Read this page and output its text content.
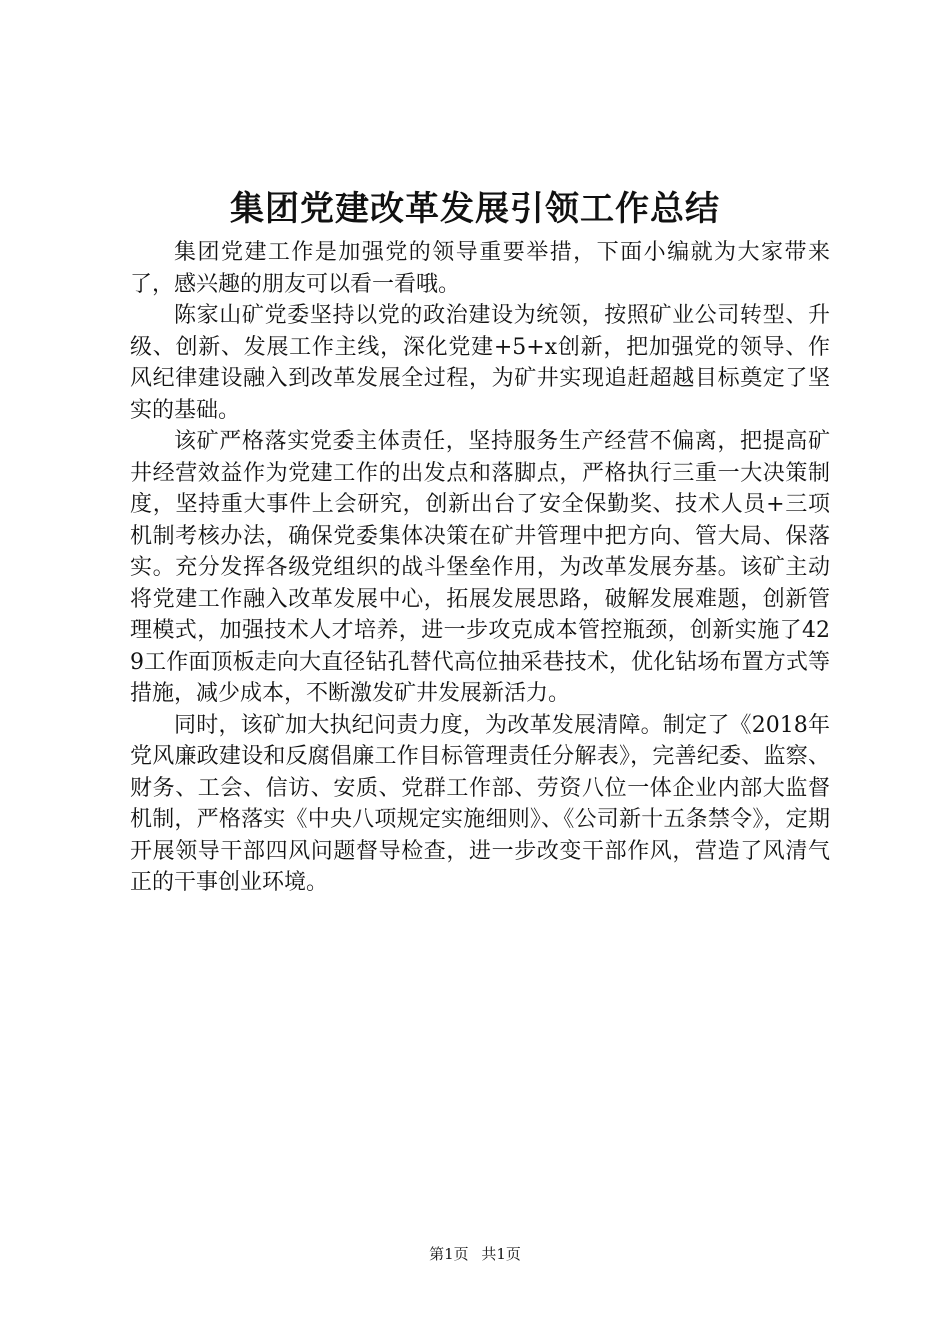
集团党建改革发展引领工作总结

集团党建工作是加强党的领导重要举措，下面小编就为大家带来了，感兴趣的朋友可以看一看哦。

陈家山矿党委坚持以党的政治建设为统领，按照矿业公司转型、升级、创新、发展工作主线，深化党建+5+x创新，把加强党的领导、作风纪律建设融入到改革发展全过程，为矿井实现追赶超越目标奠定了坚实的基础。

该矿严格落实党委主体责任，坚持服务生产经营不偏离，把提高矿井经营效益作为党建工作的出发点和落脚点，严格执行三重一大决策制度，坚持重大事件上会研究，创新出台了安全保勤奖、技术人员+三项机制考核办法，确保党委集体决策在矿井管理中把方向、管大局、保落实。充分发挥各级党组织的战斗堡垒作用，为改革发展夯基。该矿主动将党建工作融入改革发展中心，拓展发展思路，破解发展难题，创新管理模式，加强技术人才培养，进一步攻克成本管控瓶颈，创新实施了429工作面顶板走向大直径钻孔替代高位抽采巷技术，优化钻场布置方式等措施，减少成本，不断激发矿井发展新活力。

同时，该矿加大执纪问责力度，为改革发展清障。制定了《2018年党风廉政建设和反腐倡廉工作目标管理责任分解表》，完善纪委、监察、财务、工会、信访、安质、党群工作部、劳资八位一体企业内部大监督机制，严格落实《中央八项规定实施细则》、《公司新十五条禁令》，定期开展领导干部四风问题督导检查，进一步改变干部作风，营造了风清气正的干事创业环境。

第1页 共1页
